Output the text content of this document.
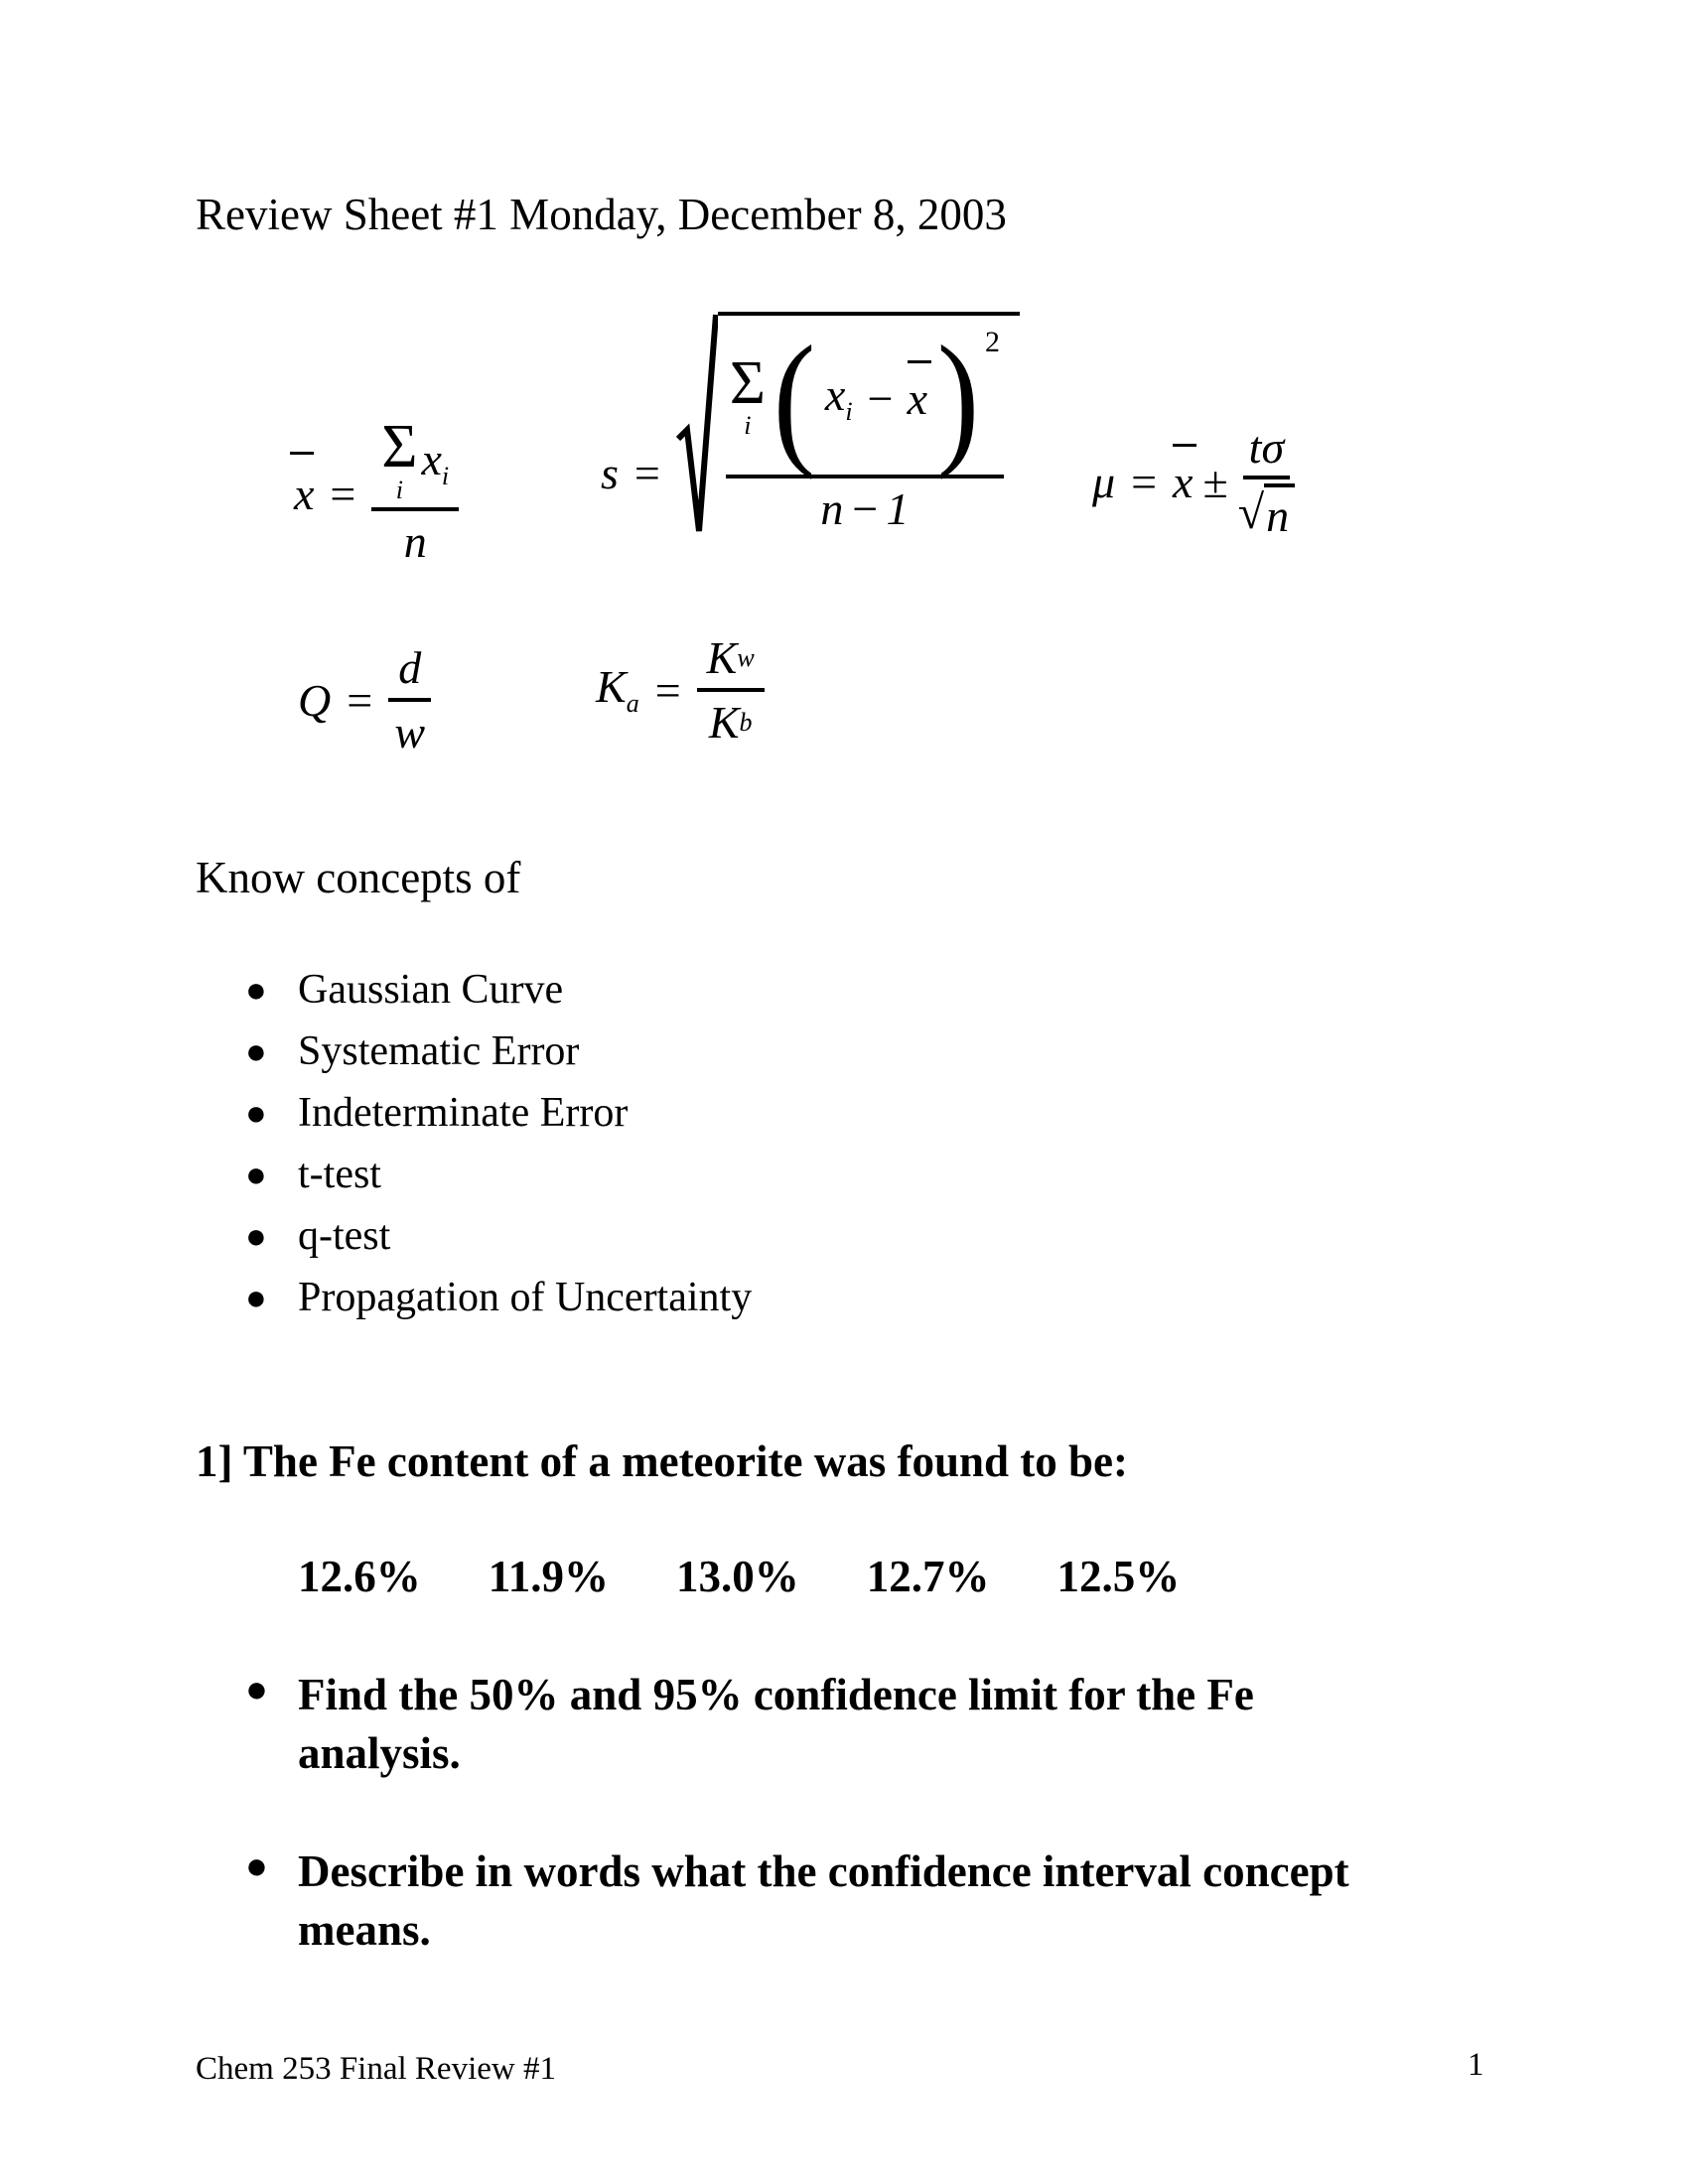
Review Sheet #1 Monday, December 8, 2003
x = Σ
i
$x_i$
n	s =
Σ
i ( $x_i - x$ ) 2
n − 1
$\mu = x \pm \frac{\text{t σ}}{√ n}$
$Q = \frac{d}{w}$	$K_a = \frac{\text{K w}}{\text{K b}}$
Know concepts of
● Gaussian Curve
● Systematic Error
● Indeterminate Error
● t-test
● q-test
● Propagation of Uncertainty
1] The Fe content of a meteorite was found to be:
12.6% 11.9% 13.0% 12.7% 12.5%
● Find the 50% and 95% confidence limit for the Fe
analysis.
● Describe in words what the confidence interval concept
means.
Chem 253 Final Review #1	1
